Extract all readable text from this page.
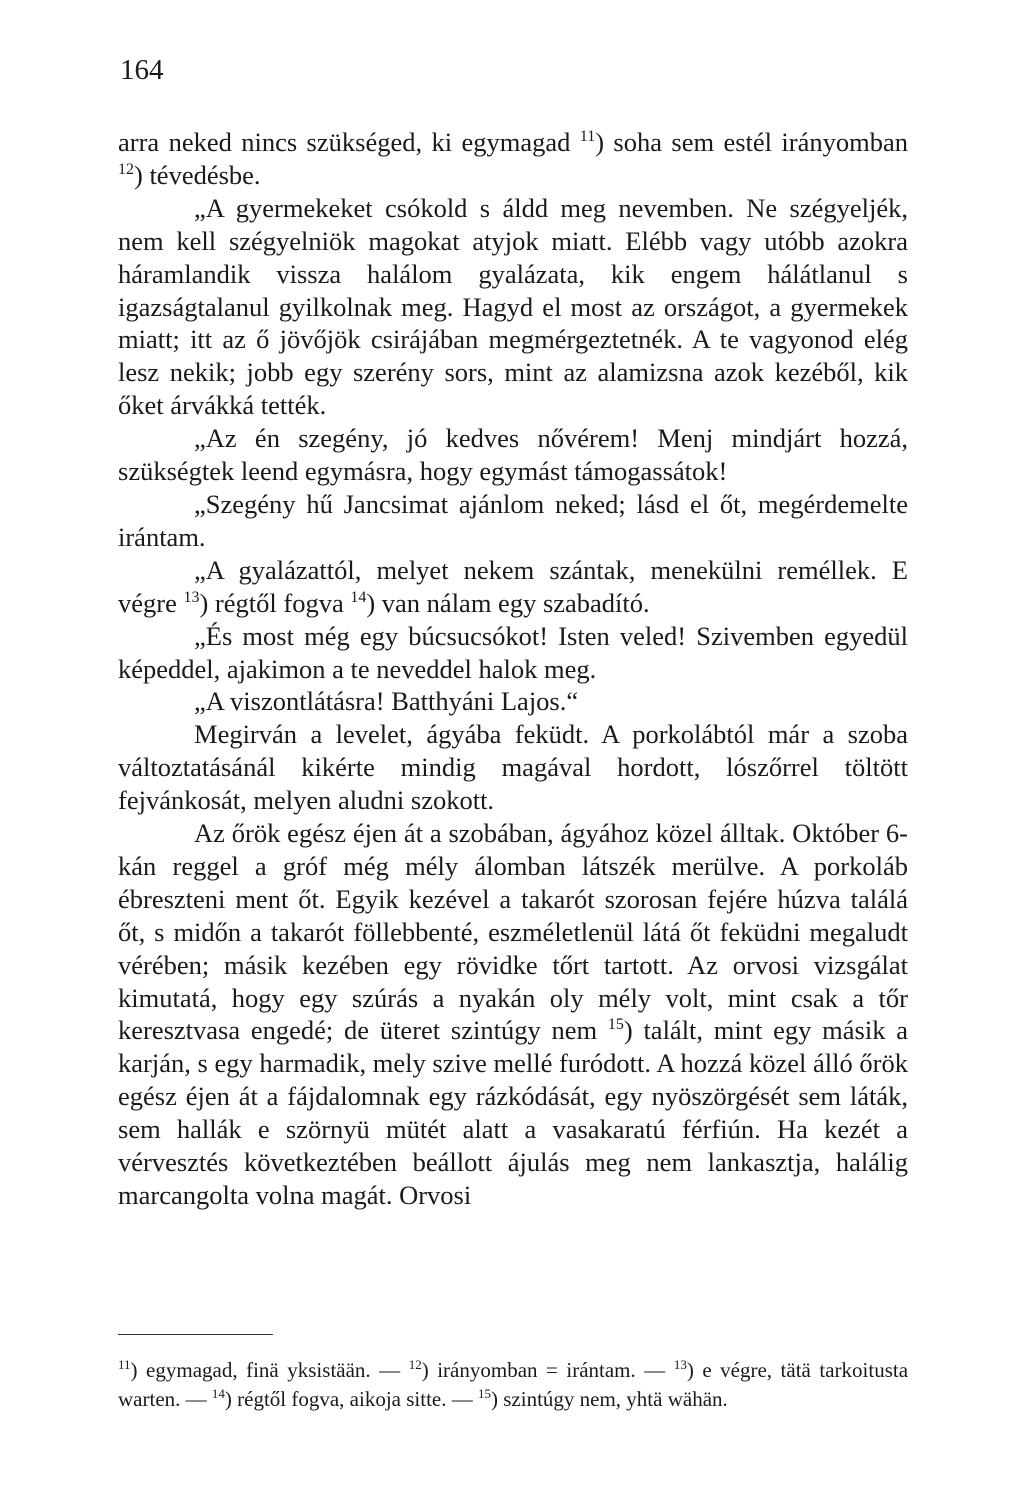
164

arra neked nincs szükséged, ki egymagad $^{11}$) soha sem estél irányomban $^{12}$) tévedésbe.

„A gyermekeket csókold s áldd meg nevemben. Ne szégyeljék, nem kell szégyelniök magokat atyjok miatt. Elébb vagy utóbb azokra háramlandik vissza halálom gyalázata, kik engem hálátlanul s igazságtalanul gyilkolnak meg. Hagyd el most az országot, a gyermekek miatt; itt az ő jövőjök csirájában megmérgeztetnék. A te vagyonod elég lesz nekik; jobb egy szerény sors, mint az alamizsna azok kezéből, kik őket árvákká tették.

„Az én szegény, jó kedves nővérem! Menj mindjárt hozzá, szükségtek leend egymásra, hogy egymást támogassátok!

„Szegény hű Jancsimat ajánlom neked; lásd el őt, megérdemelte irántam.

„A gyalázattól, melyet nekem szántak, menekülni reméllek. E végre $^{13}$) régtől fogva $^{14}$) van nálam egy szabadító.

„És most még egy búcsucsókot! Isten veled! Szivemben egyedül képeddel, ajakimon a te neveddel halok meg.

„A viszontlátásra! Batthyáni Lajos.“

Megirván a levelet, ágyába feküdt. A porkolábtól már a szoba változtatásánál kikérte mindig magával hordott, lószőrrel töltött fejvánkosát, melyen aludni szokott.

Az őrök egész éjen át a szobában, ágyához közel álltak. Október 6-kán reggel a gróf még mély álomban látszék merülve. A porkoláb ébreszteni ment őt. Egyik kezével a takarót szorosan fejére húzva találá őt, s midőn a takarót föllebbenté, eszméletlenül látá őt feküdni megaludt vérében; másik kezében egy rövidke tőrt tartott. Az orvosi vizsgálat kimutatá, hogy egy szúrás a nyakán oly mély volt, mint csak a tőr keresztvasa engedé; de üteret szintúgy nem $^{15}$) talált, mint egy másik a karján, s egy harmadik, mely szive mellé furódott. A hozzá közel álló őrök egész éjen át a fájdalomnak egy rázkódását, egy nyöszörgését sem láták, sem hallák e szörnyü mütét alatt a vasakaratú férfiún. Ha kezét a vérvesztés következtében beállott ájulás meg nem lankasztja, halálig marcangolta volna magát. Orvosi

$^{11}$) egymagad, finä yksistään. — $^{12}$) irányomban = irántam. — $^{13}$) e végre, tätä tarkoitusta warten. — $^{14}$) régtől fogva, aikoja sitte. — $^{15}$) szintúgy nem, yhtä wähän.
